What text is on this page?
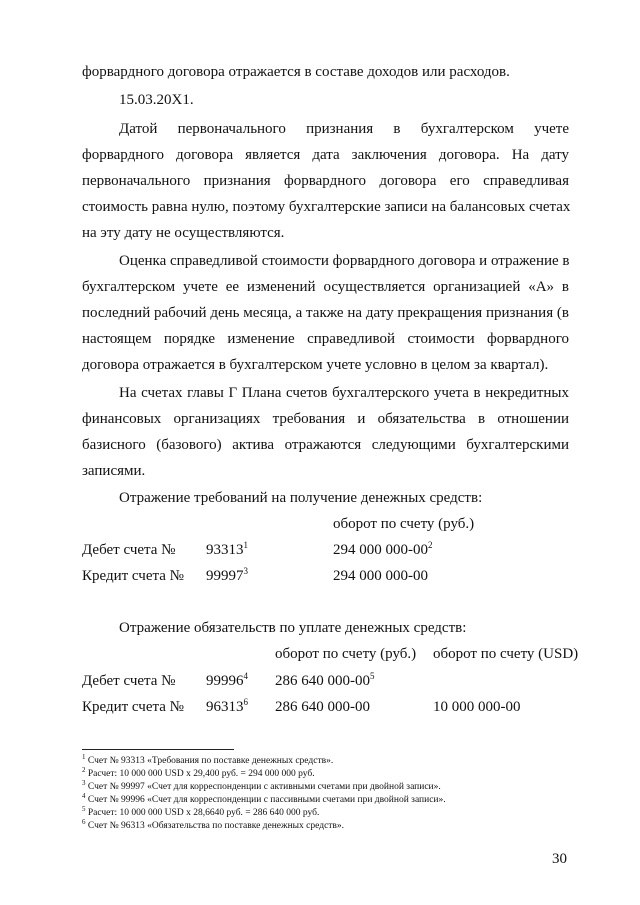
форвардного договора отражается в составе доходов или расходов.
15.03.20X1.
Датой первоначального признания в бухгалтерском учете
форвардного договора является дата заключения договора. На дату
первоначального признания форвардного договора его справедливая
стоимость равна нулю, поэтому бухгалтерские записи на балансовых счетах
на эту дату не осуществляются.
Оценка справедливой стоимости форвардного договора и отражение в
бухгалтерском учете ее изменений осуществляется организацией «А» в
последний рабочий день месяца, а также на дату прекращения признания (в
настоящем порядке изменение справедливой стоимости форвардного
договора отражается в бухгалтерском учете условно в целом за квартал).
На счетах главы Г Плана счетов бухгалтерского учета в некредитных
финансовых организациях требования и обязательства в отношении
базисного (базового) актива отражаются следующими бухгалтерскими
записями.
Отражение требований на получение денежных средств:
оборот по счету (руб.)
Дебет счета № 93313$^1$	294 000 $000-00^2$
Кредит счета № 99997$^3$	294 000 000-00
Отражение обязательств по уплате денежных средств:
оборот по счету (руб.) оборот по счету (USD)
Дебет счета № 99996$^4$ 286 640 $000-00^5$
Кредит счета № 96313$^6$ 286 640 000-00	10 000 000-00
$^1$ Счет № 93313 «Требования по поставке денежных средств».
$^2$ Расчет: 10 000 000 USD x 29,400 руб. = 294 000 000 руб.
$^3$ Счет № 99997 «Счет для корреспонденции с активными счетами при двойной записи».
$^4$ Счет № 99996 «Счет для корреспонденции с пассивными счетами при двойной записи».
$^5$ Расчет: 10 000 000 USD x 28,6640 руб. = 286 640 000 руб.
$^6$ Счет № 96313 «Обязательства по поставке денежных средств».
30
